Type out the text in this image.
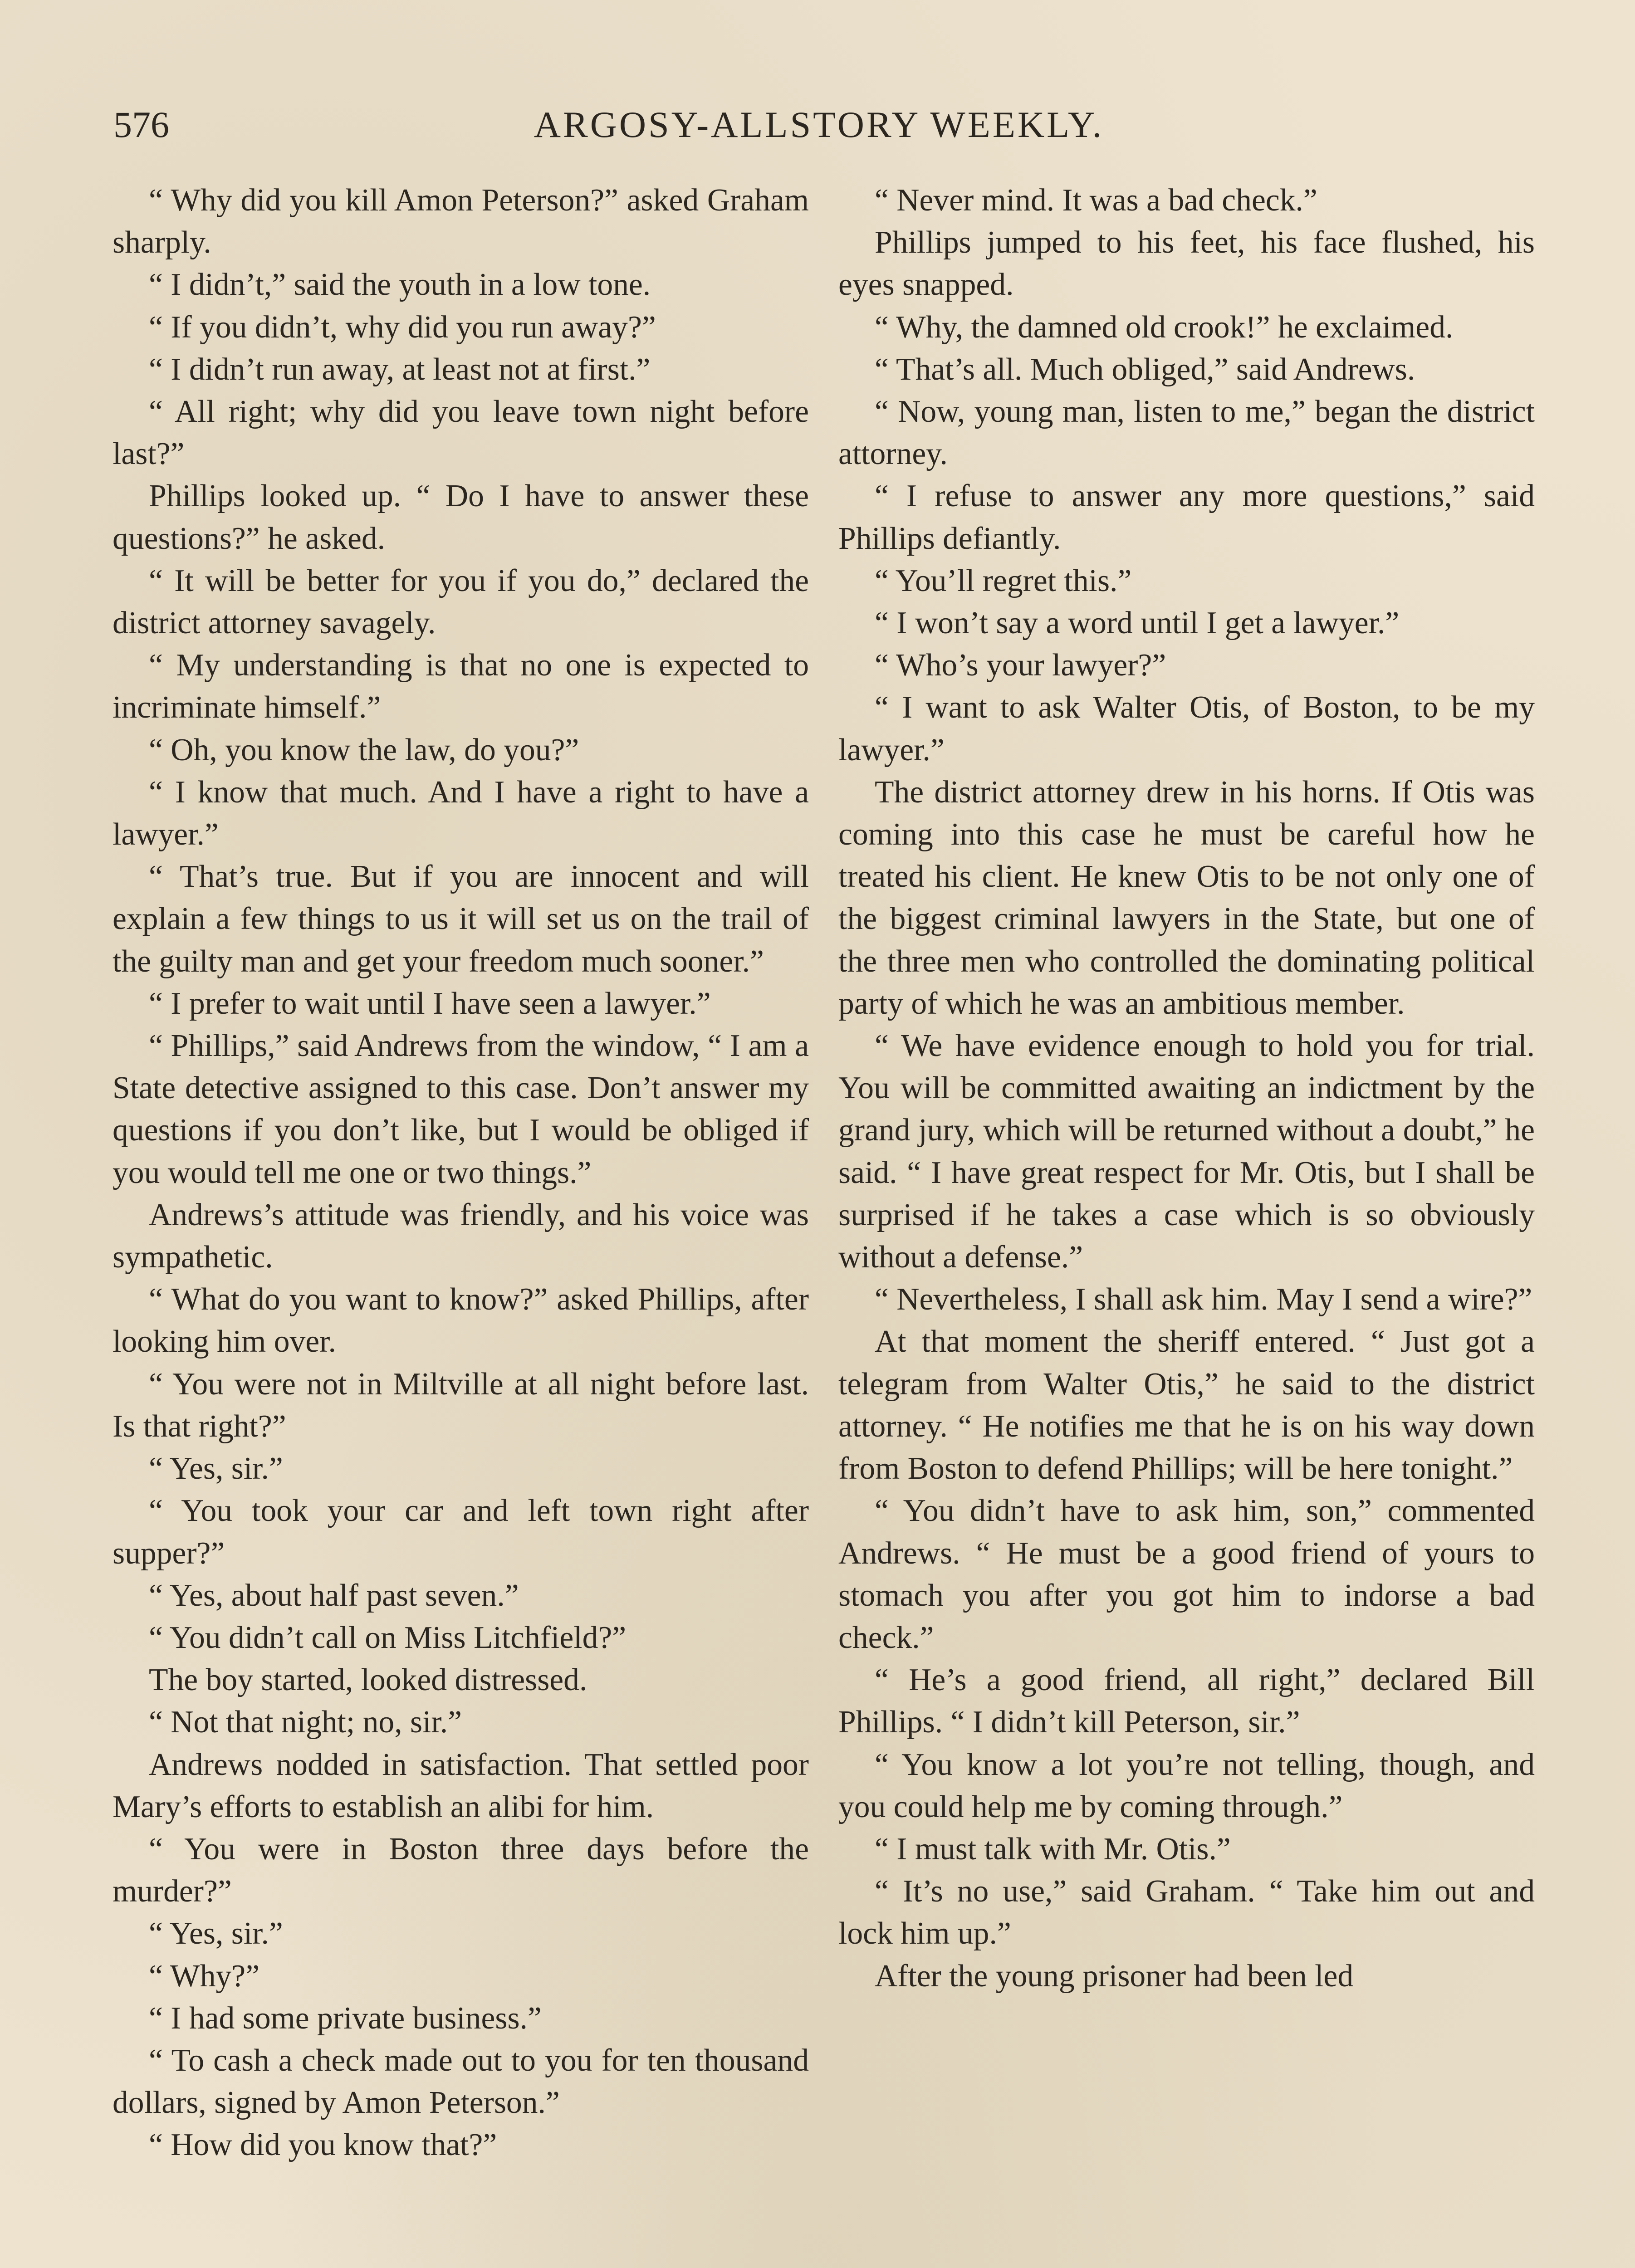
576	ARGOSY-ALLSTORY WEEKLY.

“ Why did you kill Amon Peterson?” asked Graham sharply.

“ I didn’t,” said the youth in a low tone.

“ If you didn’t, why did you run away?”

“ I didn’t run away, at least not at first.”

“ All right; why did you leave town night before last?”

Phillips looked up. “ Do I have to answer these questions?” he asked.

“ It will be better for you if you do,” declared the district attorney savagely.

“ My understanding is that no one is expected to incriminate himself.”

“ Oh, you know the law, do you?”

“ I know that much. And I have a right to have a lawyer.”

“ That’s true. But if you are innocent and will explain a few things to us it will set us on the trail of the guilty man and get your freedom much sooner.”

“ I prefer to wait until I have seen a lawyer.”

“ Phillips,” said Andrews from the window, “ I am a State detective assigned to this case. Don’t answer my questions if you don’t like, but I would be obliged if you would tell me one or two things.”

Andrews’s attitude was friendly, and his voice was sympathetic.

“ What do you want to know?” asked Phillips, after looking him over.

“ You were not in Miltville at all night before last. Is that right?”

“ Yes, sir.”

“ You took your car and left town right after supper?”

“ Yes, about half past seven.”

“ You didn’t call on Miss Litchfield?”

The boy started, looked distressed.

“ Not that night; no, sir.”

Andrews nodded in satisfaction. That settled poor Mary’s efforts to establish an alibi for him.

“ You were in Boston three days before the murder?”

“ Yes, sir.”

“ Why?”

“ I had some private business.”

“ To cash a check made out to you for ten thousand dollars, signed by Amon Peterson.”

“ How did you know that?”

“ Never mind. It was a bad check.”

Phillips jumped to his feet, his face flushed, his eyes snapped.

“ Why, the damned old crook!” he exclaimed.

“ That’s all. Much obliged,” said Andrews.

“ Now, young man, listen to me,” began the district attorney.

“ I refuse to answer any more questions,” said Phillips defiantly.

“ You’ll regret this.”

“ I won’t say a word until I get a lawyer.”

“ Who’s your lawyer?”

“ I want to ask Walter Otis, of Boston, to be my lawyer.”

The district attorney drew in his horns. If Otis was coming into this case he must be careful how he treated his client. He knew Otis to be not only one of the biggest criminal lawyers in the State, but one of the three men who controlled the dominating political party of which he was an ambitious member.

“ We have evidence enough to hold you for trial. You will be committed awaiting an indictment by the grand jury, which will be returned without a doubt,” he said. “ I have great respect for Mr. Otis, but I shall be surprised if he takes a case which is so obviously without a defense.”

“ Nevertheless, I shall ask him. May I send a wire?”

At that moment the sheriff entered. “ Just got a telegram from Walter Otis,” he said to the district attorney. “ He notifies me that he is on his way down from Boston to defend Phillips; will be here tonight.”

“ You didn’t have to ask him, son,” commented Andrews. “ He must be a good friend of yours to stomach you after you got him to indorse a bad check.”

“ He’s a good friend, all right,” declared Bill Phillips. “ I didn’t kill Peterson, sir.”

“ You know a lot you’re not telling, though, and you could help me by coming through.”

“ I must talk with Mr. Otis.”

“ It’s no use,” said Graham. “ Take him out and lock him up.”

After the young prisoner had been led
